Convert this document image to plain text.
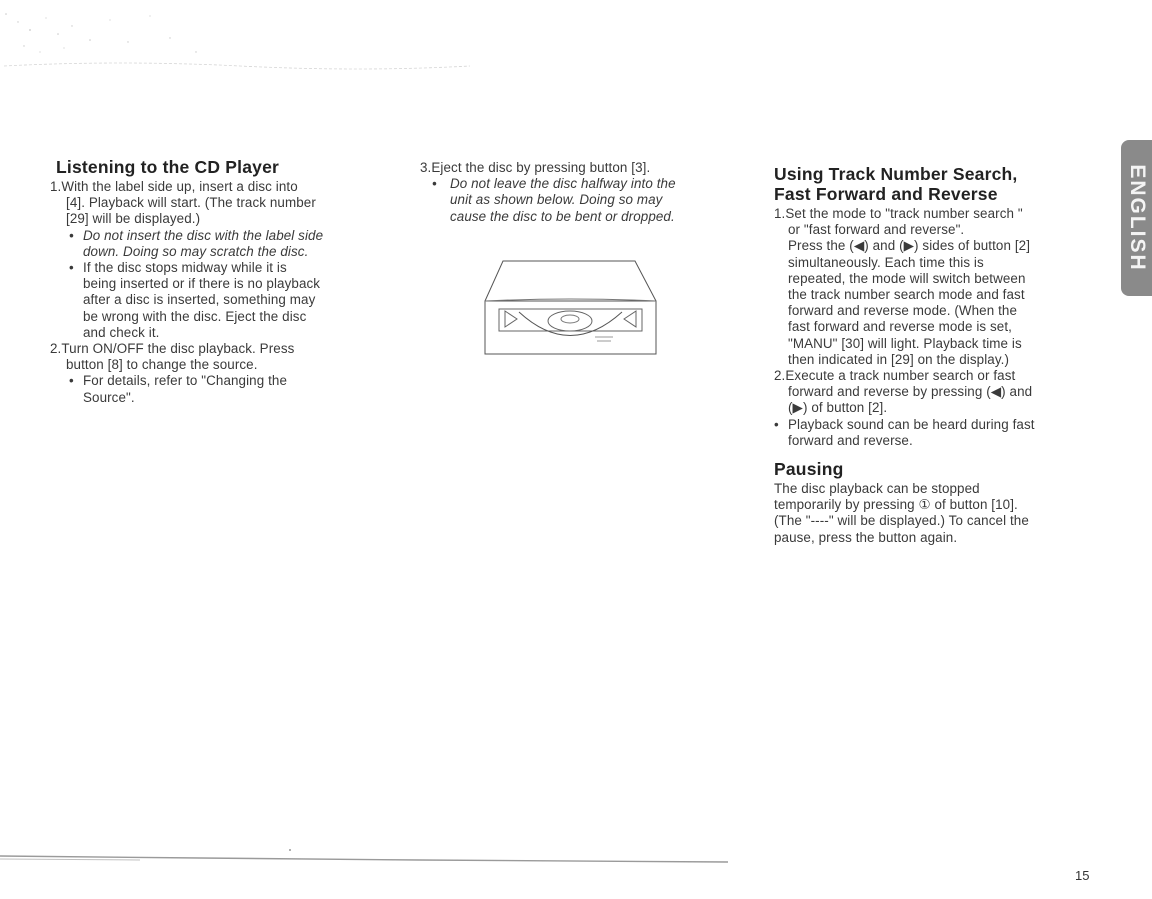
Listening to the CD Player
1.With the label side up, insert a disc into
[4]. Playback will start. (The track number
[29] will be displayed.)
• Do not insert the disc with the label side
down. Doing so may scratch the disc.
• If the disc stops midway while it is
being inserted or if there is no playback
after a disc is inserted, something may
be wrong with the disc. Eject the disc
and check it.
2.Turn ON/OFF the disc playback. Press
button [8] to change the source.
• For details, refer to "Changing the
Source".
3.Eject the disc by pressing button [3].
• Do not leave the disc halfway into the
unit as shown below. Doing so may
cause the disc to be bent or dropped.
Using Track Number Search,
Fast Forward and Reverse
1.Set the mode to "track number search "
or "fast forward and reverse".
Press the (◀) and (▶) sides of button [2]
simultaneously. Each time this is
repeated, the mode will switch between
the track number search mode and fast
forward and reverse mode. (When the
fast forward and reverse mode is set,
"MANU" [30] will light. Playback time is
then indicated in [29] on the display.)
2.Execute a track number search or fast
forward and reverse by pressing (◀) and
(▶) of button [2].
• Playback sound can be heard during fast
forward and reverse.
Pausing
The disc playback can be stopped
temporarily by pressing ① of button [10].
(The "----" will be displayed.) To cancel the
pause, press the button again.
ENGLISH
15
